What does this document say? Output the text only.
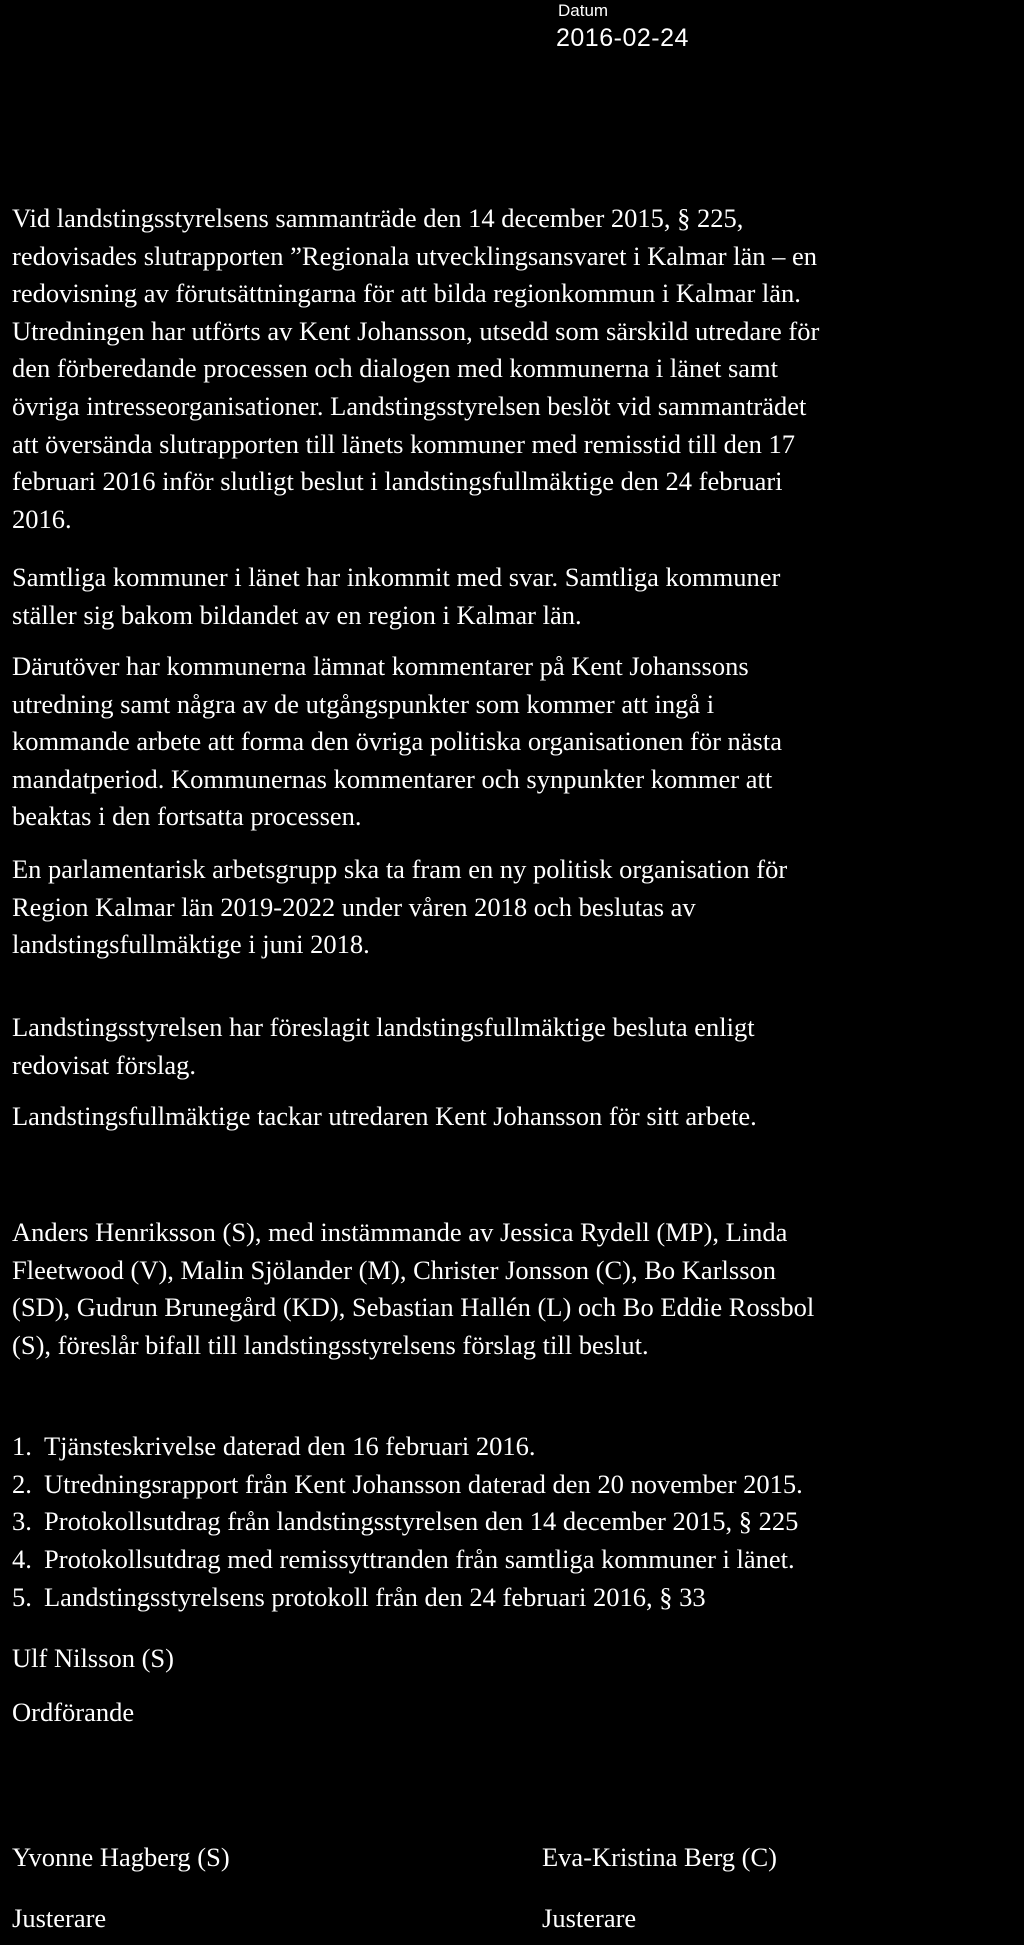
Datum
2016-02-24
Vid landstingsstyrelsens sammanträde den 14 december 2015, § 225,
redovisades slutrapporten ”Regionala utvecklingsansvaret i Kalmar län – en
redovisning av förutsättningarna för att bilda regionkommun i Kalmar län.
Utredningen har utförts av Kent Johansson, utsedd som särskild utredare för
den förberedande processen och dialogen med kommunerna i länet samt
övriga intresseorganisationer. Landstingsstyrelsen beslöt vid sammanträdet
att översända slutrapporten till länets kommuner med remisstid till den 17
februari 2016 inför slutligt beslut i landstingsfullmäktige den 24 februari
2016.
Samtliga kommuner i länet har inkommit med svar. Samtliga kommuner
ställer sig bakom bildandet av en region i Kalmar län.
Därutöver har kommunerna lämnat kommentarer på Kent Johanssons
utredning samt några av de utgångspunkter som kommer att ingå i
kommande arbete att forma den övriga politiska organisationen för nästa
mandatperiod. Kommunernas kommentarer och synpunkter kommer att
beaktas i den fortsatta processen.
En parlamentarisk arbetsgrupp ska ta fram en ny politisk organisation för
Region Kalmar län 2019-2022 under våren 2018 och beslutas av
landstingsfullmäktige i juni 2018.
Landstingsstyrelsen har föreslagit landstingsfullmäktige besluta enligt
redovisat förslag.
Landstingsfullmäktige tackar utredaren Kent Johansson för sitt arbete.
Anders Henriksson (S), med instämmande av Jessica Rydell (MP), Linda
Fleetwood (V), Malin Sjölander (M), Christer Jonsson (C), Bo Karlsson
(SD), Gudrun Brunegård (KD), Sebastian Hallén (L) och Bo Eddie Rossbol
(S), föreslår bifall till landstingsstyrelsens förslag till beslut.
1. Tjänsteskrivelse daterad den 16 februari 2016.
2. Utredningsrapport från Kent Johansson daterad den 20 november 2015.
3. Protokollsutdrag från landstingsstyrelsen den 14 december 2015, § 225
4. Protokollsutdrag med remissyttranden från samtliga kommuner i länet.
5. Landstingsstyrelsens protokoll från den 24 februari 2016, § 33
Ulf Nilsson (S)
Ordförande
Yvonne Hagberg (S)
Justerare
Eva-Kristina Berg (C)
Justerare
